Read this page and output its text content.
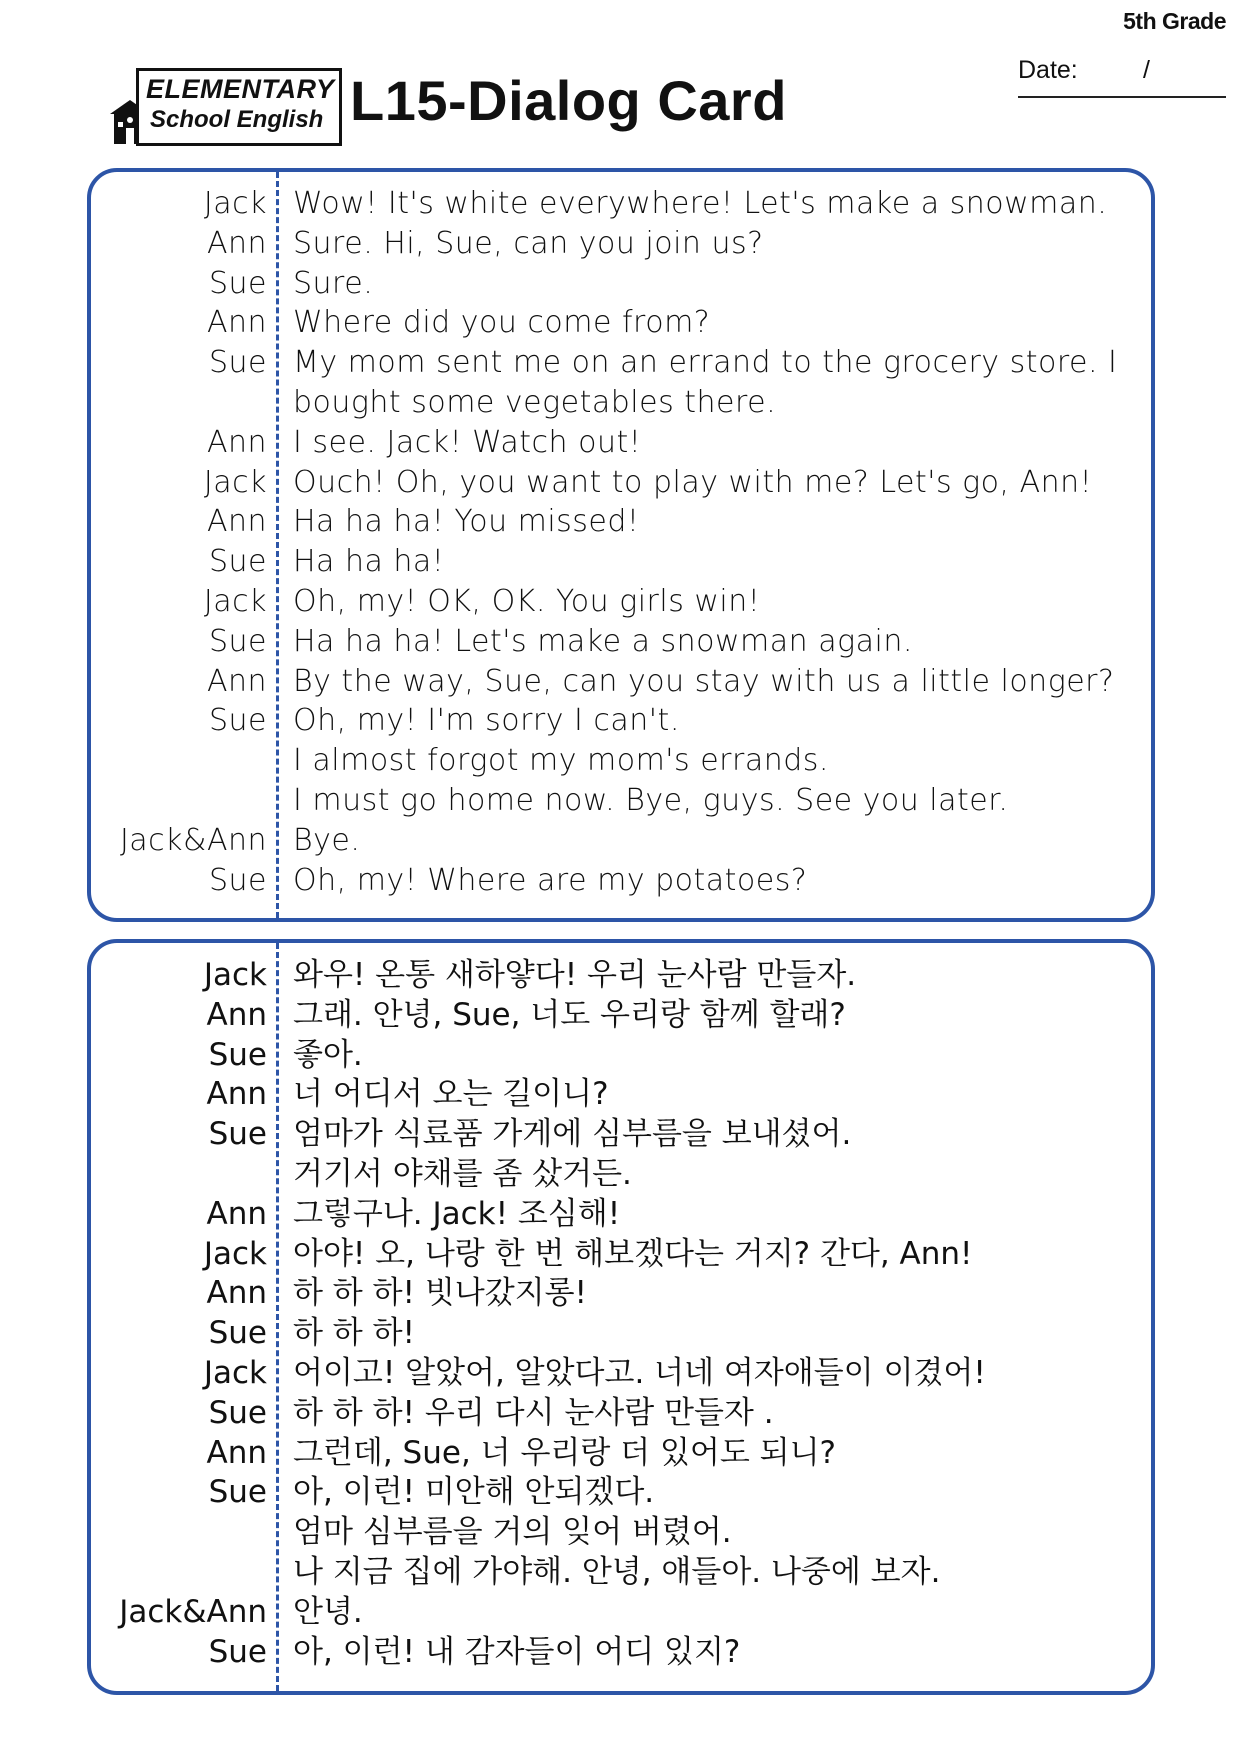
5th Grade
Date:	/
ELEMENTARY
School English L15-Dialog Card
Jack Wow! It's white everywhere! Let's make a snowman.
Ann Sure. Hi, Sue, can you join us?
Sue Sure.
Ann Where did you come from?
Sue My mom sent me on an errand to the grocery store. I
bought some vegetables there.
Ann I see. Jack! Watch out!
Jack Ouch! Oh, you want to play with me? Let's go, Ann!
Ann Ha ha ha! You missed!
Sue Ha ha ha!
Jack Oh, my! OK, OK. You girls win!
Sue Ha ha ha! Let's make a snowman again.
Ann By the way, Sue, can you stay with us a little longer?
Sue Oh, my! I'm sorry I can't.
I almost forgot my mom's errands.
I must go home now. Bye, guys. See you later.
Jack&Ann Bye.
Sue Oh, my! Where are my potatoes?
Jack 와우! 온통 새하얗다! 우리 눈사람 만들자.
Ann 그래. 안녕, Sue, 너도 우리랑 함께 할래?
Sue 좋아.
Ann 너 어디서 오는 길이니?
Sue 엄마가 식료품 가게에 심부름을 보내셨어.
거기서 야채를 좀 샀거든.
Ann 그렇구나. Jack! 조심해!
Jack 아야! 오, 나랑 한 번 해보겠다는 거지? 간다, Ann!
Ann 하 하 하! 빗나갔지롱!
Sue 하 하 하!
Jack 어이고! 알았어, 알았다고. 너네 여자애들이 이겼어!
Sue 하 하 하! 우리 다시 눈사람 만들자 .
Ann 그런데, Sue, 너 우리랑 더 있어도 되니?
Sue 아, 이런! 미안해 안되겠다.
엄마 심부름을 거의 잊어 버렸어.
나 지금 집에 가야해. 안녕, 얘들아. 나중에 보자.
Jack&Ann 안녕.
Sue 아, 이런! 내 감자들이 어디 있지?
